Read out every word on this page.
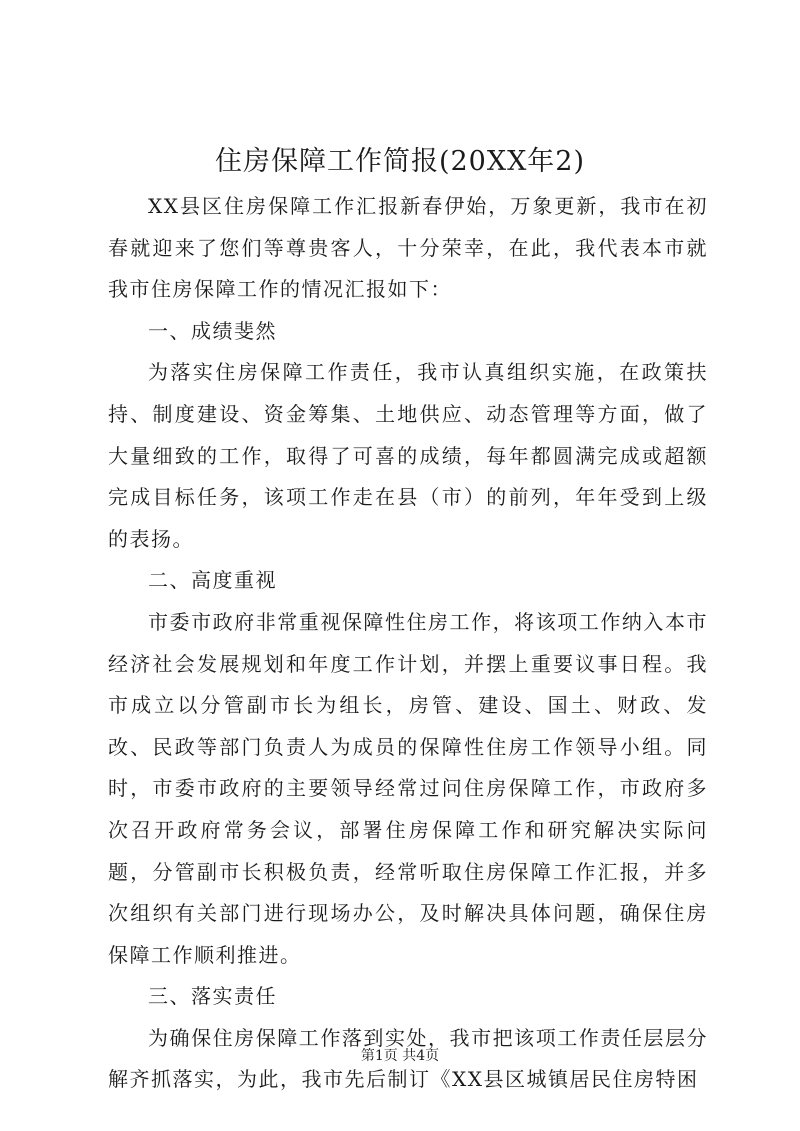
住房保障工作简报(20XX年2)

XX县区住房保障工作汇报新春伊始，万象更新，我市在初春就迎来了您们等尊贵客人，十分荣幸，在此，我代表本市就我市住房保障工作的情况汇报如下：

一、成绩斐然

为落实住房保障工作责任，我市认真组织实施，在政策扶持、制度建设、资金筹集、土地供应、动态管理等方面，做了大量细致的工作，取得了可喜的成绩，每年都圆满完成或超额完成目标任务，该项工作走在县（市）的前列，年年受到上级的表扬。

二、高度重视

市委市政府非常重视保障性住房工作，将该项工作纳入本市经济社会发展规划和年度工作计划，并摆上重要议事日程。我市成立以分管副市长为组长，房管、建设、国土、财政、发改、民政等部门负责人为成员的保障性住房工作领导小组。同时，市委市政府的主要领导经常过问住房保障工作，市政府多次召开政府常务会议，部署住房保障工作和研究解决实际问题，分管副市长积极负责，经常听取住房保障工作汇报，并多次组织有关部门进行现场办公，及时解决具体问题，确保住房保障工作顺利推进。

三、落实责任

为确保住房保障工作落到实处，我市把该项工作责任层层分解齐抓落实，为此，我市先后制订《XX县区城镇居民住房特困

第1页 共4页
